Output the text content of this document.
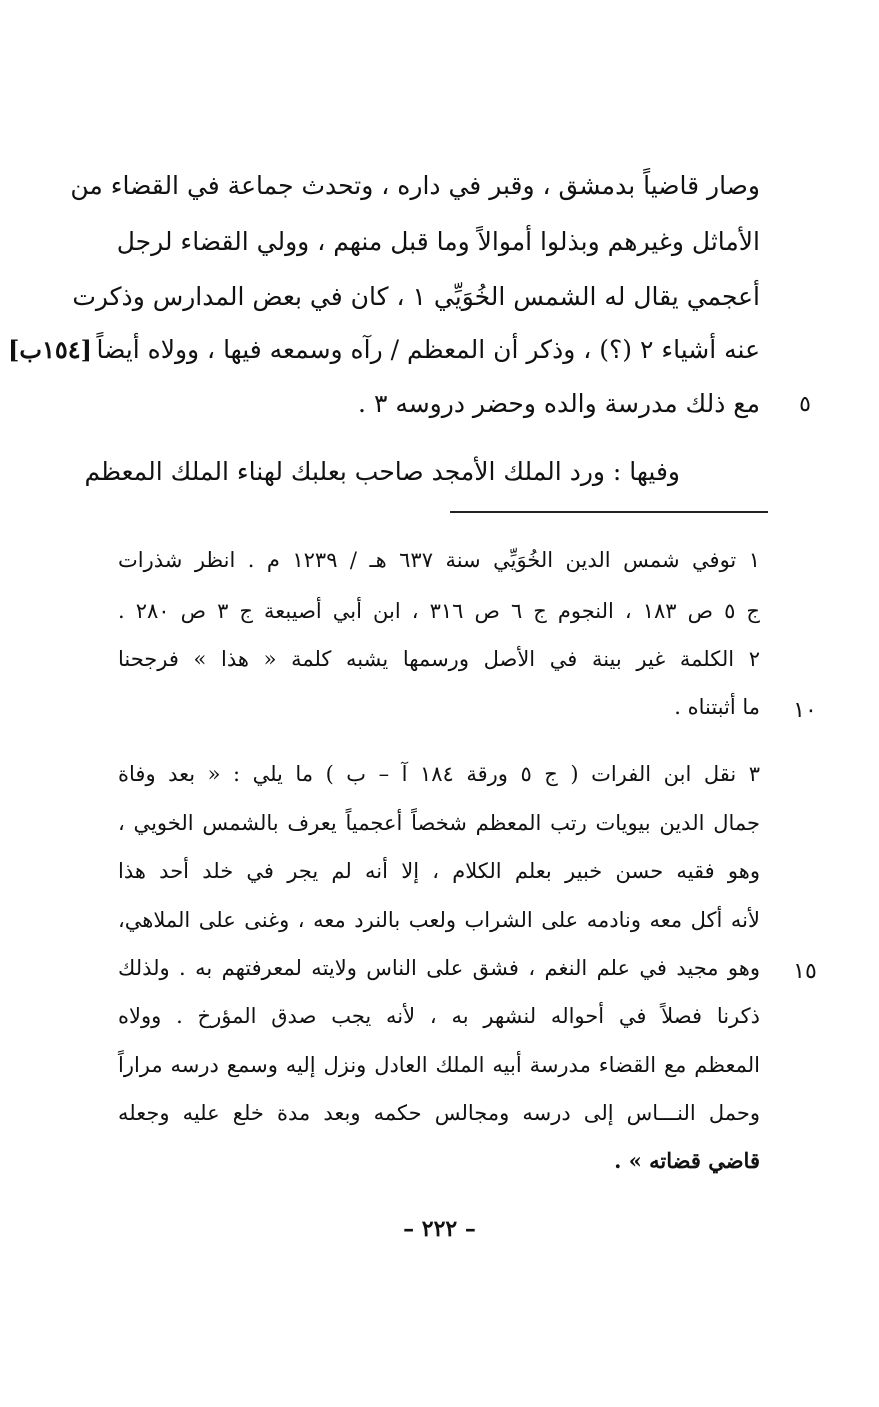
وصار قاضياً بدمشق ، وقبر في داره ، وتحدث جماعة في القضاء من
الأماثل وغيرهم وبذلوا أموالاً وما قبل منهم ، وولي القضاء لرجل
أعجمي يقال له الشمس الخُوَيِّي ١ ، كان في بعض المدارس وذكرت
عنه أشياء ٢ (؟) ، وذكر أن المعظم / رآه وسمعه فيها ، وولاه أيضاً
مع ذلك مدرسة والده وحضر دروسه ٣ .
وفيها : ورد الملك الأمجد صاحب بعلبك لهناء الملك المعظم
[١٥٤ب]
٥
١ توفي شمس الدين الخُوَيِّي سنة ٦٣٧ هـ / ١٢٣٩ م . انظر شذرات
ج ٥ ص ١٨٣ ، النجوم ج ٦ ص ٣١٦ ، ابن أبي أصيبعة ج ٣ ص ٢٨٠ .
٢ الكلمة غير بينة في الأصل ورسمها يشبه كلمة « هذا » فرجحنا
ما أثبتناه .	١٠
٣ نقل ابن الفرات ( ج ٥ ورقة ١٨٤ آ – ب ) ما يلي : « بعد وفاة
جمال الدين بيويات رتب المعظم شخصاً أعجمياً يعرف بالشمس الخويي ،
وهو فقيه حسن خبير بعلم الكلام ، إلا أنه لم يجر في خلد أحد هذا
لأنه أكل معه ونادمه على الشراب ولعب بالنرد معه ، وغنى على الملاهي،
وهو مجيد في علم النغم ، فشق على الناس ولايته لمعرفتهم به . ولذلك	١٥
ذكرنا فصلاً في أحواله لنشهر به ، لأنه يجب صدق المؤرخ . وولاه
المعظم مع القضاء مدرسة أبيه الملك العادل ونزل إليه وسمع درسه مراراً
وحمل النـــاس إلى درسه ومجالس حكمه وبعد مدة خلع عليه وجعله
قاضي قضاته » .
– ٢٢٢ –
